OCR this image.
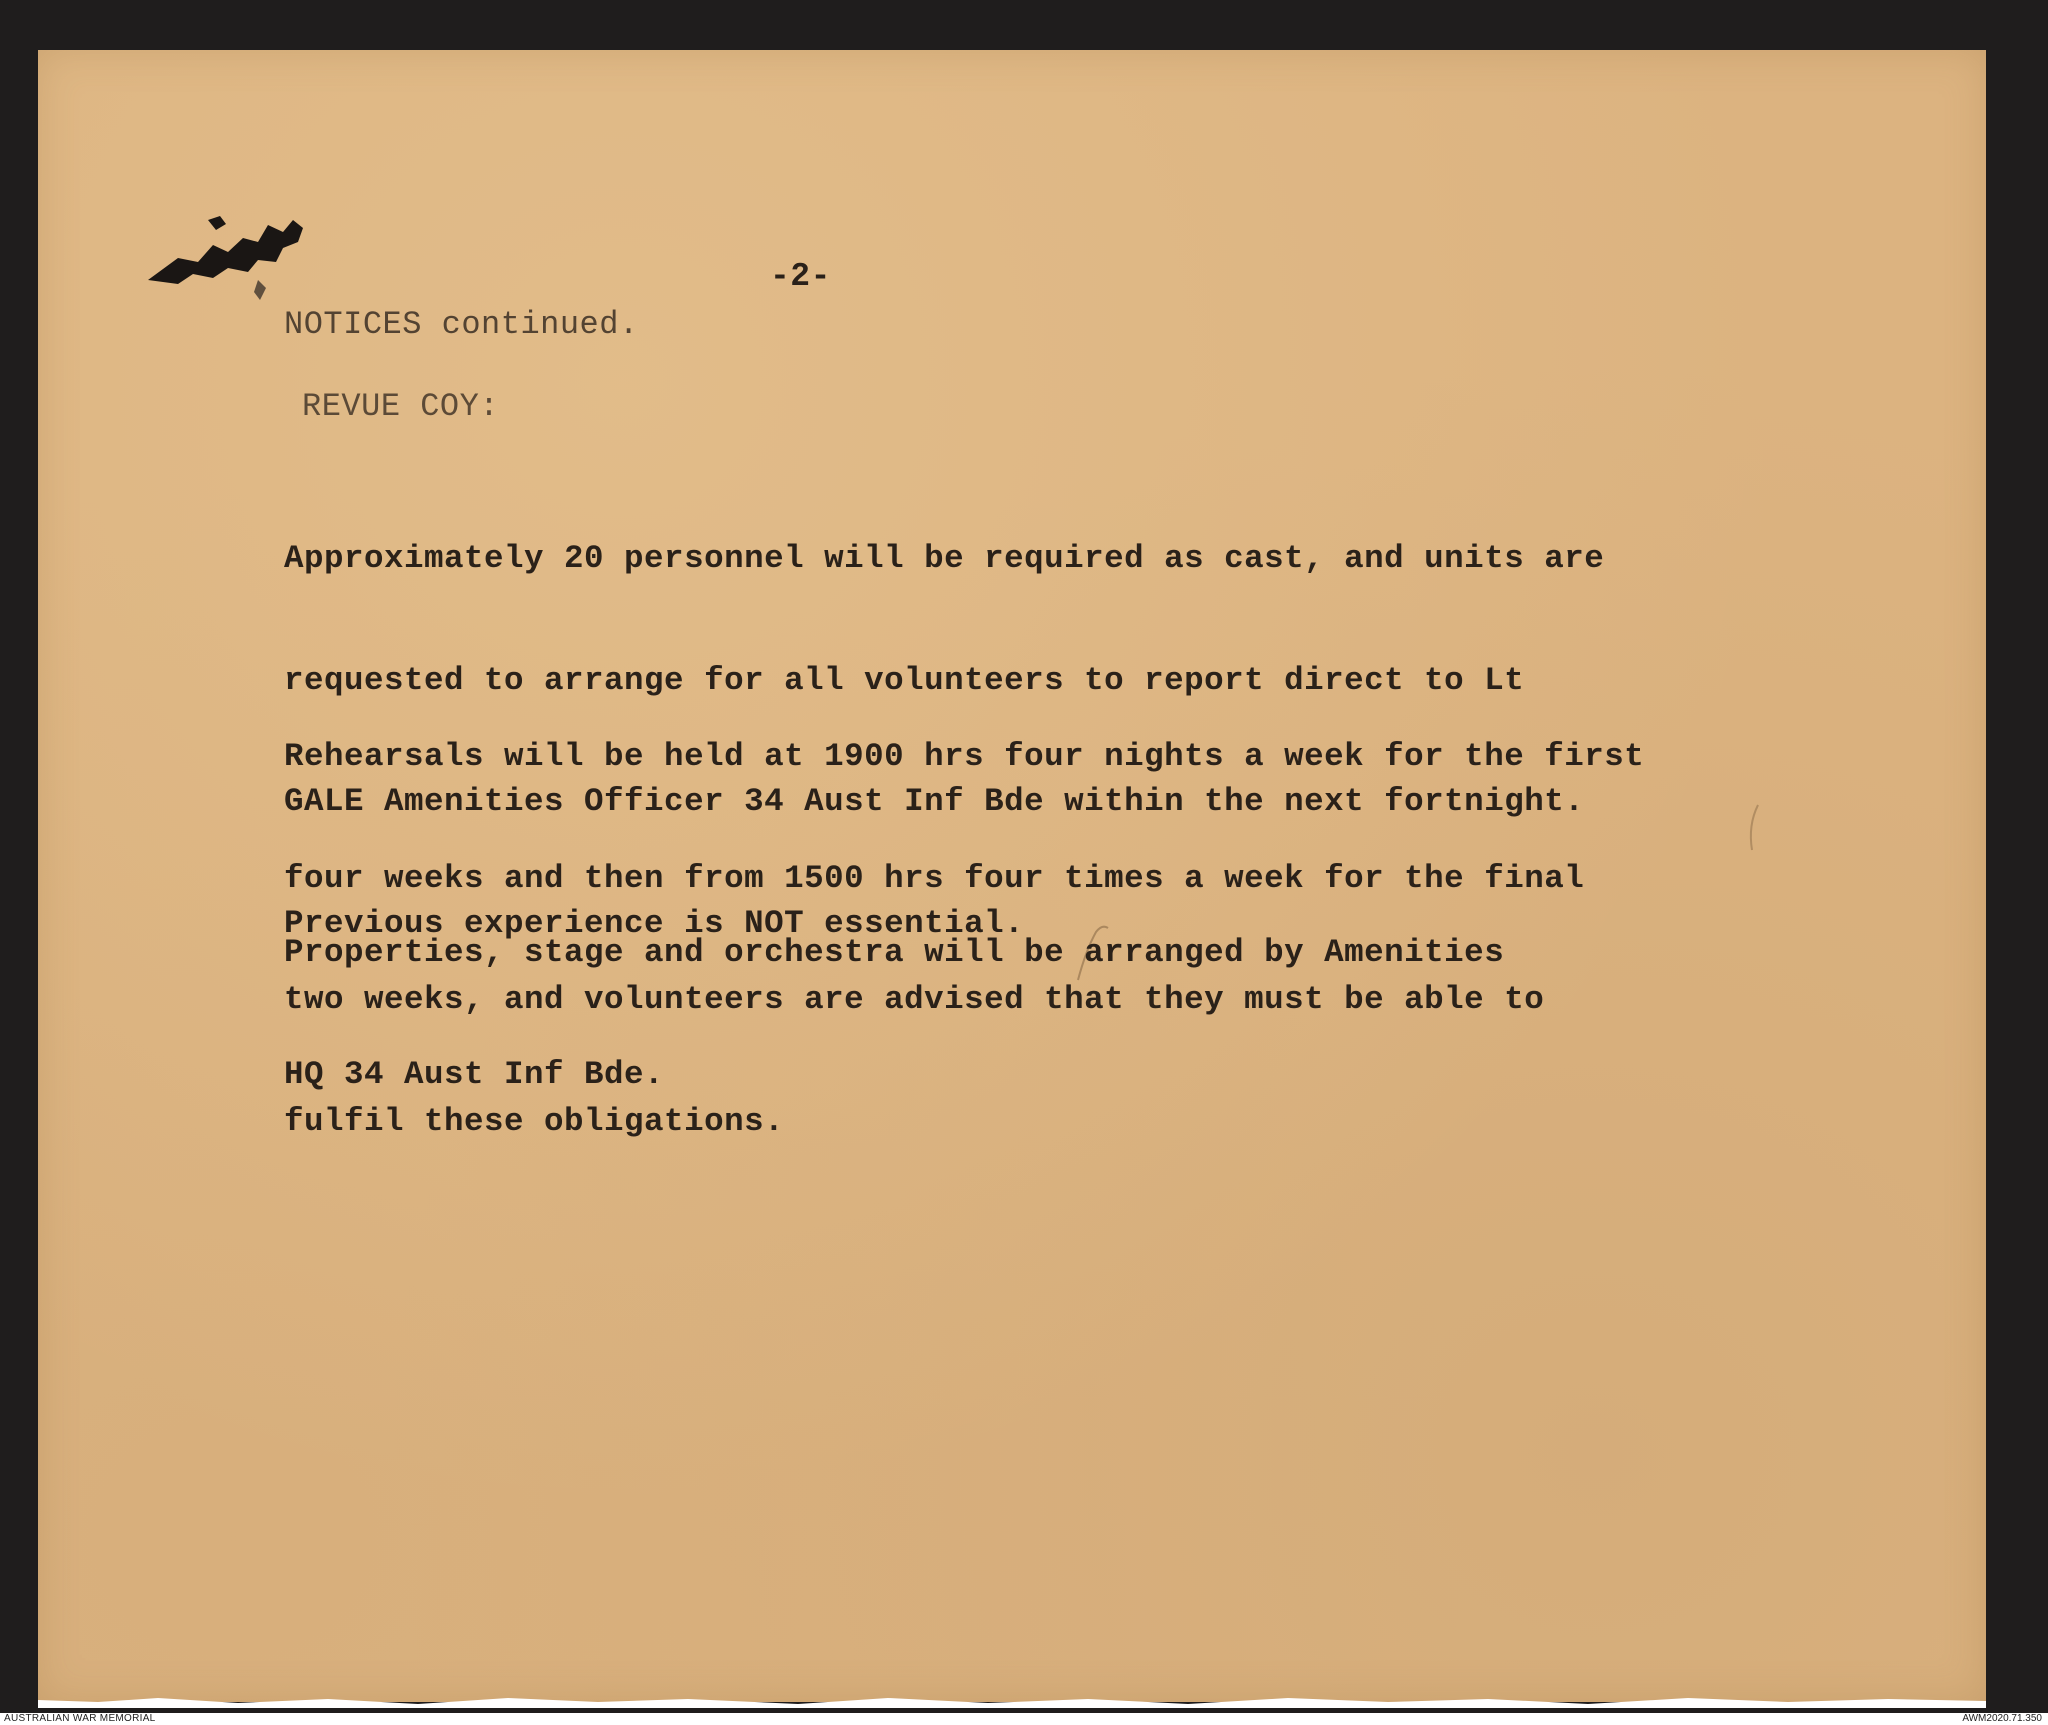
-2-
NOTICES continued.
REVUE COY:

Approximately 20 personnel will be required as cast, and units are

requested to arrange for all volunteers to report direct to Lt

GALE Amenities Officer 34 Aust Inf Bde within the next fortnight.

Previous experience is NOT essential.

Rehearsals will be held at 1900 hrs four nights a week for the first

four weeks and then from 1500 hrs four times a week for the final

two weeks, and volunteers are advised that they must be able to

fulfil these obligations.

Properties, stage and orchestra will be arranged by Amenities

HQ 34 Aust Inf Bde.

AUSTRALIAN WAR MEMORIAL	AWM2020.71.350
